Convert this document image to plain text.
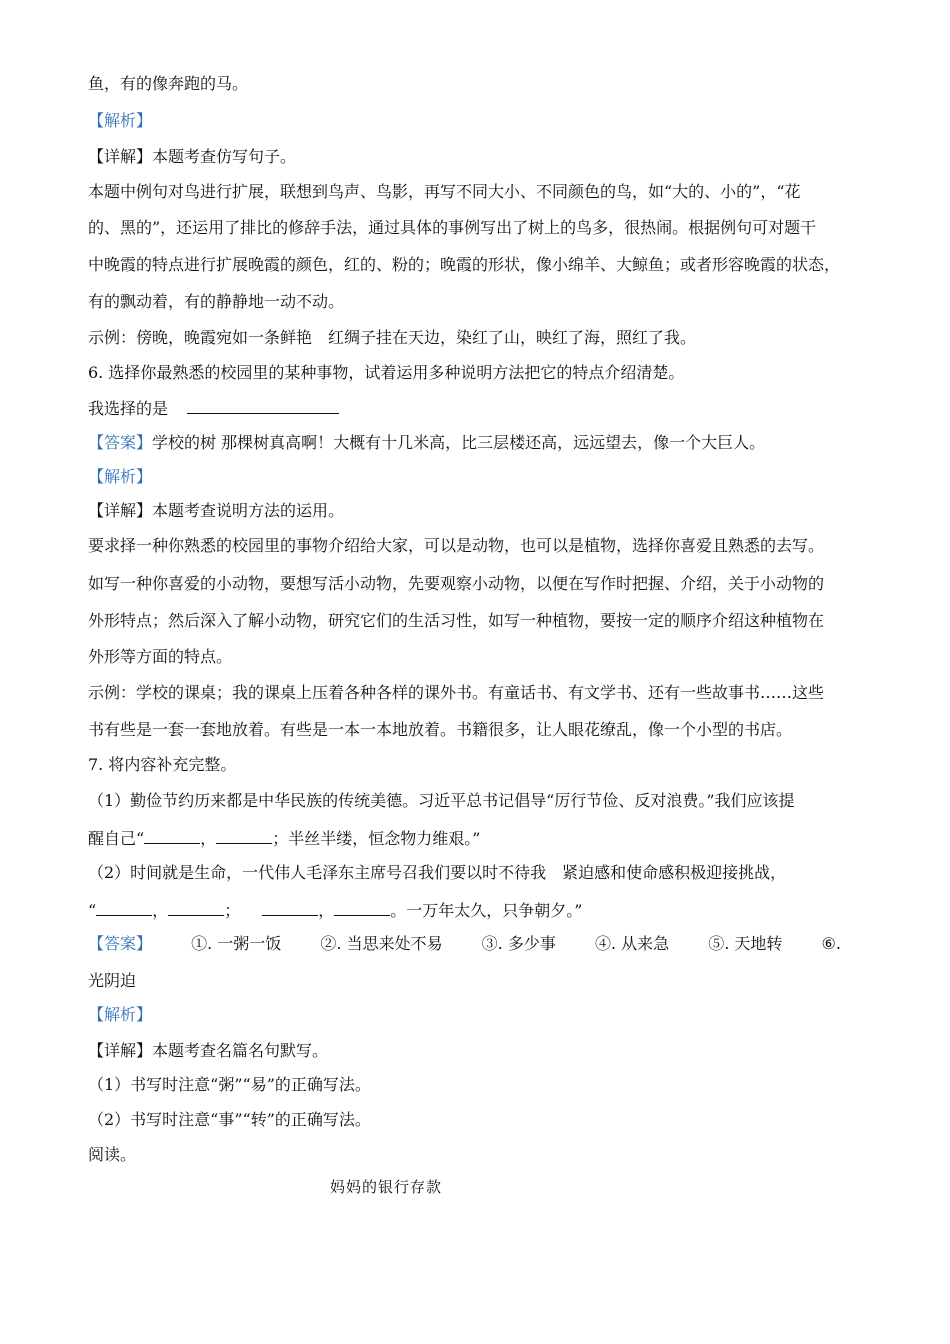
鱼，有的像奔跑的马。
【解析】
【详解】本题考查仿写句子。
本题中例句对鸟进行扩展，联想到鸟声、鸟影，再写不同大小、不同颜色的鸟，如“大的、小的”，“花
的、黑的”，还运用了排比的修辞手法，通过具体的事例写出了树上的鸟多，很热闹。根据例句可对题干
中晚霞的特点进行扩展晚霞的颜色，红的、粉的；晚霞的形状，像小绵羊、大鲸鱼；或者形容晚霞的状态，
有的飘动着，有的静静地一动不动。
示例：傍晚，晚霞宛如一条鲜艳　红绸子挂在天边，染红了山，映红了海，照红了我。
6. 选择你最熟悉的校园里的某种事物，试着运用多种说明方法把它的特点介绍清楚。
我选择的是
【答案】学校的树 那棵树真高啊！大概有十几米高，比三层楼还高，远远望去，像一个大巨人。
【解析】
【详解】本题考查说明方法的运用。
要求择一种你熟悉的校园里的事物介绍给大家，可以是动物，也可以是植物，选择你喜爱且熟悉的去写。
如写一种你喜爱的小动物，要想写活小动物，先要观察小动物，以便在写作时把握、介绍，关于小动物的
外形特点；然后深入了解小动物，研究它们的生活习性，如写一种植物，要按一定的顺序介绍这种植物在
外形等方面的特点。
示例：学校的课桌；我的课桌上压着各种各样的课外书。有童话书、有文学书、还有一些故事书……这些
书有些是一套一套地放着。有些是一本一本地放着。书籍很多，让人眼花缭乱，像一个小型的书店。
7. 将内容补充完整。
（1）勤俭节约历来都是中华民族的传统美德。习近平总书记倡导“厉行节俭、反对浪费。”我们应该提
醒自己“	，	；半丝半缕，恒念物力维艰。”
（2）时间就是生命，一代伟人毛泽东主席号召我们要以时不待我　紧迫感和使命感积极迎接挑战，
“	，	；	，	。一万年太久，只争朝夕。”
【答案】 ①. 一粥一饭 ②. 当思来处不易 ③. 多少事 ④. 从来急 ⑤. 天地转 ⑥.
光阴迫
【解析】
【详解】本题考查名篇名句默写。
（1）书写时注意“粥”“易”的正确写法。
（2）书写时注意“事”“转”的正确写法。
阅读。
妈妈的银行存款
